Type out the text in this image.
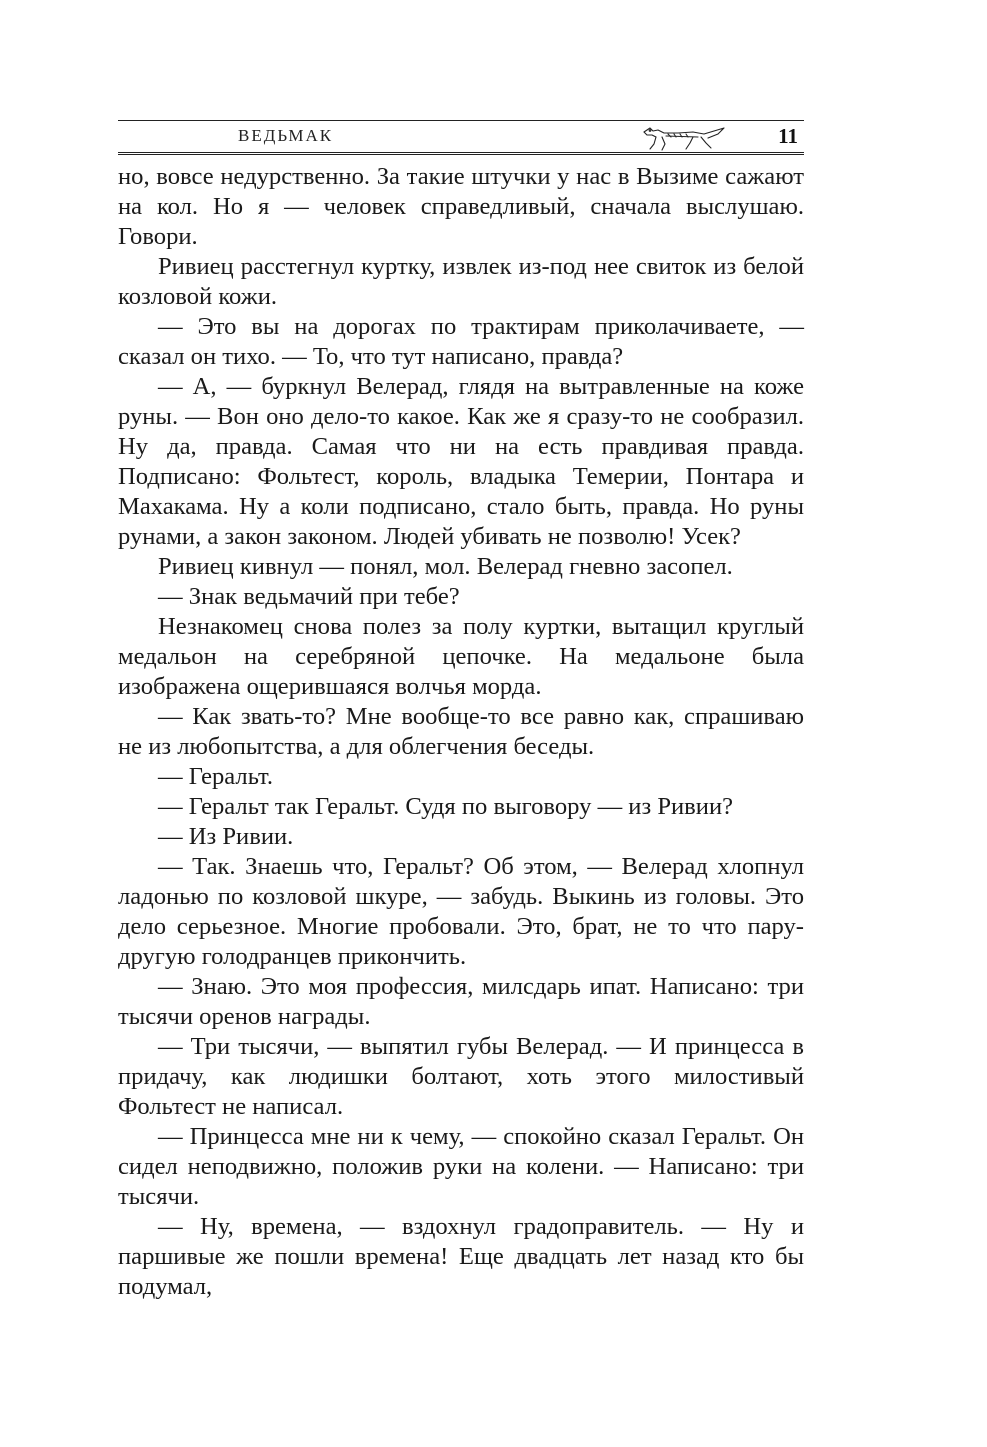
ВЕДЬМАК	11

но, вовсе недурственно. За такие штучки у нас в Вызиме сажают на кол. Но я — человек справедливый, сначала выслушаю. Говори.

Ривиец расстегнул куртку, извлек из-под нее свиток из белой козловой кожи.

— Это вы на дорогах по трактирам приколачиваете, — сказал он тихо. — То, что тут написано, правда?

— А, — буркнул Велерад, глядя на вытравленные на коже руны. — Вон оно дело-то какое. Как же я сразу-то не сообразил. Ну да, правда. Самая что ни на есть правдивая правда. Подписано: Фольтест, король, владыка Темерии, Понтара и Махакама. Ну а коли подписано, стало быть, правда. Но руны рунами, а закон законом. Людей убивать не позволю! Усек?

Ривиец кивнул — понял, мол. Велерад гневно засопел.

— Знак ведьмачий при тебе?

Незнакомец снова полез за полу куртки, вытащил круглый медальон на серебряной цепочке. На медальоне была изображена ощерившаяся волчья морда.

— Как звать-то? Мне вообще-то все равно как, спрашиваю не из любопытства, а для облегчения беседы.

— Геральт.

— Геральт так Геральт. Судя по выговору — из Ривии?

— Из Ривии.

— Так. Знаешь что, Геральт? Об этом, — Велерад хлопнул ладонью по козловой шкуре, — забудь. Выкинь из головы. Это дело серьезное. Многие пробовали. Это, брат, не то что пару-другую голодранцев прикончить.

— Знаю. Это моя профессия, милсдарь ипат. Написано: три тысячи оренов награды.

— Три тысячи, — выпятил губы Велерад. — И принцесса в придачу, как людишки болтают, хоть этого милостивый Фольтест не написал.

— Принцесса мне ни к чему, — спокойно сказал Геральт. Он сидел неподвижно, положив руки на колени. — Написано: три тысячи.

— Ну, времена, — вздохнул градоправитель. — Ну и паршивые же пошли времена! Еще двадцать лет назад кто бы подумал,
